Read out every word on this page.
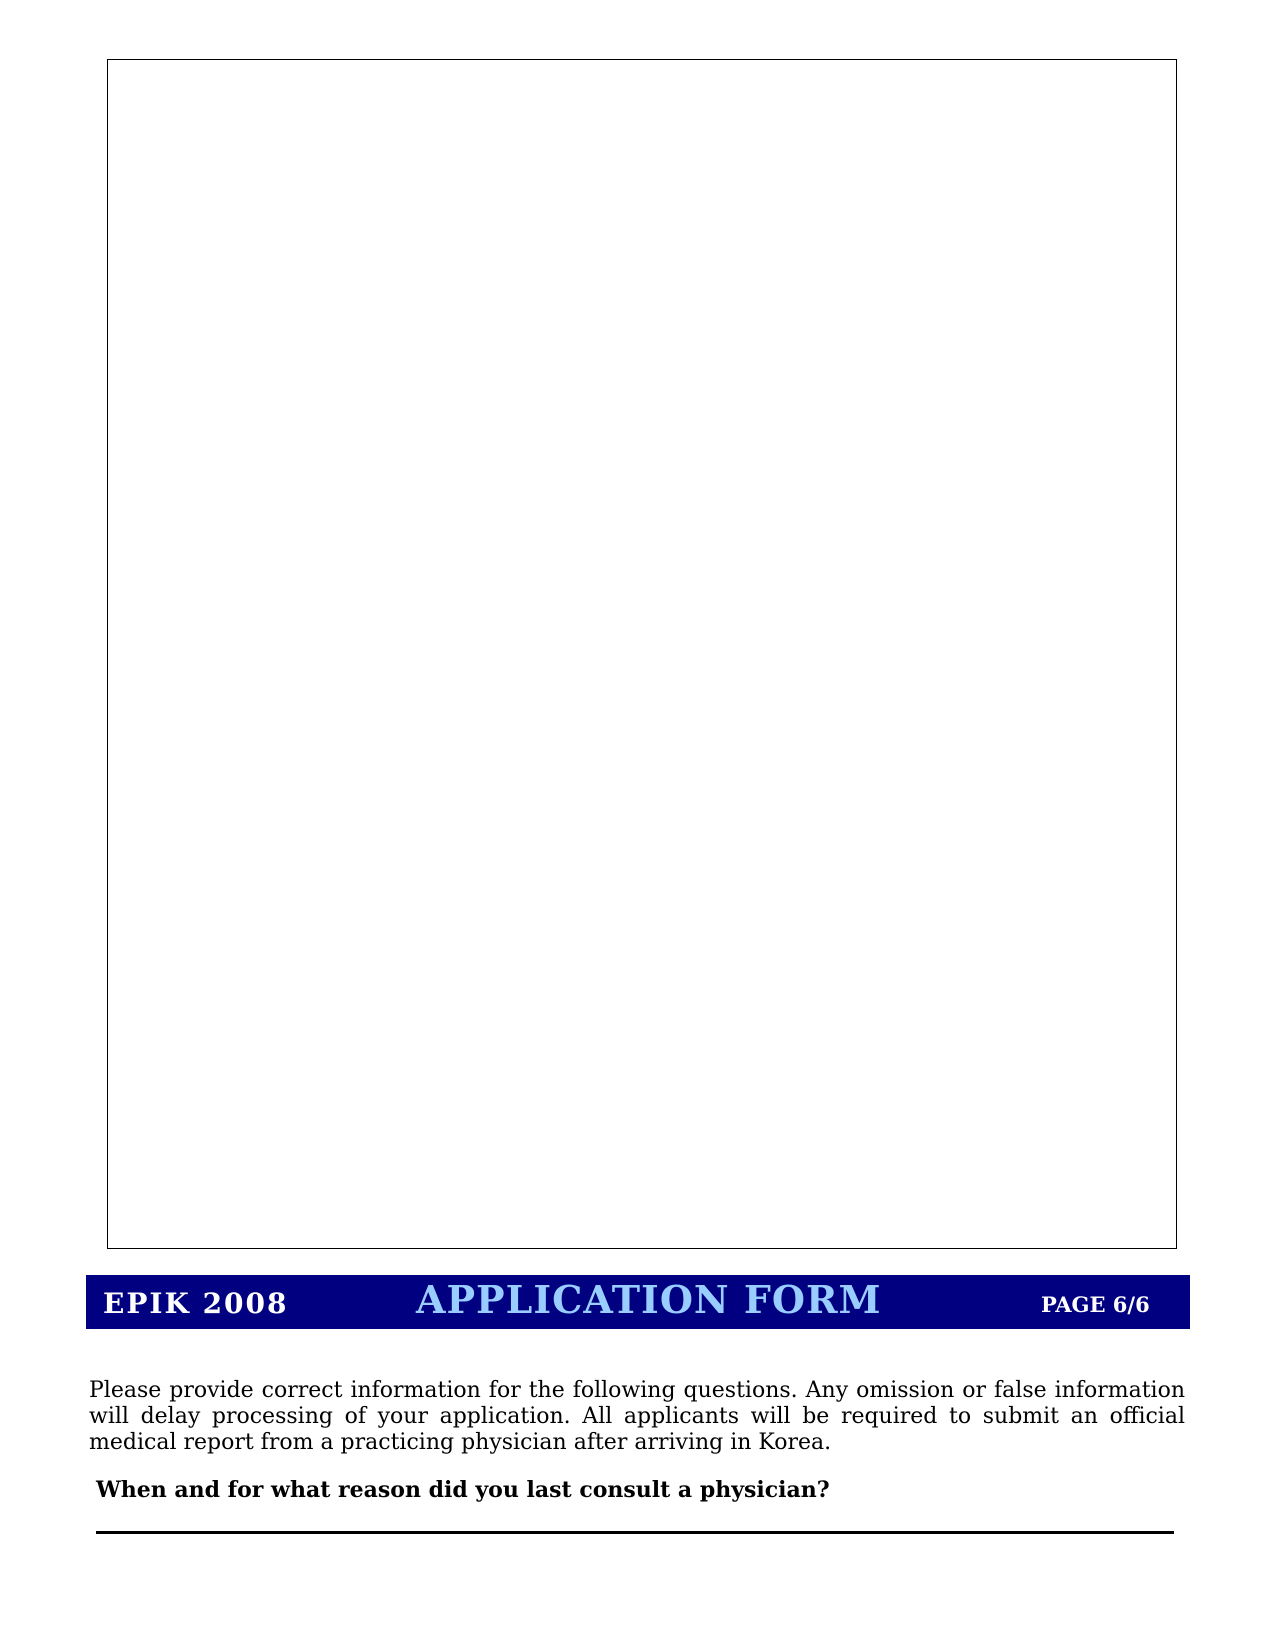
EPIK 2008	APPLICATION FORM	PAGE 6/6

Please provide correct information for the following questions. Any omission or false information will delay processing of your application. All applicants will be required to submit an official medical report from a practicing physician after arriving in Korea.

When and for what reason did you last consult a physician?
